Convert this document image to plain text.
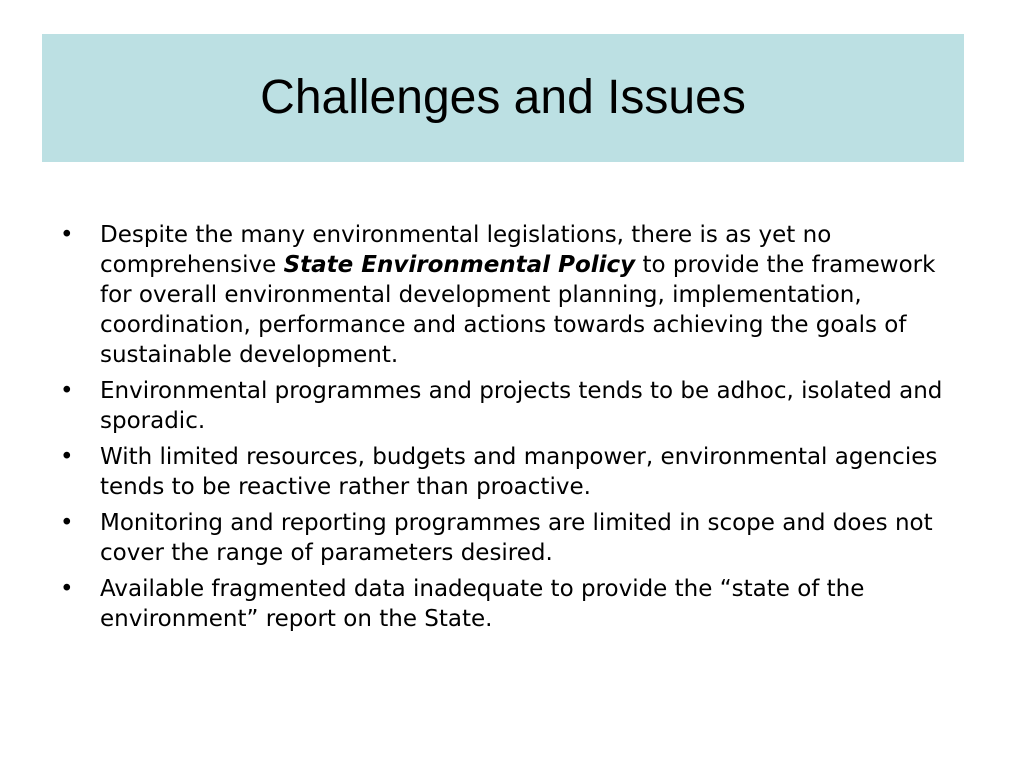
Challenges and Issues
• Despite the many environmental legislations, there is as yet no comprehensive State Environmental Policy to provide the framework for overall environmental development planning, implementation, coordination, performance and actions towards achieving the goals of sustainable development.
• Environmental programmes and projects tends to be adhoc, isolated and sporadic.
• With limited resources, budgets and manpower, environmental agencies tends to be reactive rather than proactive.
• Monitoring and reporting programmes are limited in scope and does not cover the range of parameters desired.
• Available fragmented data inadequate to provide the “state of the environment” report on the State.
